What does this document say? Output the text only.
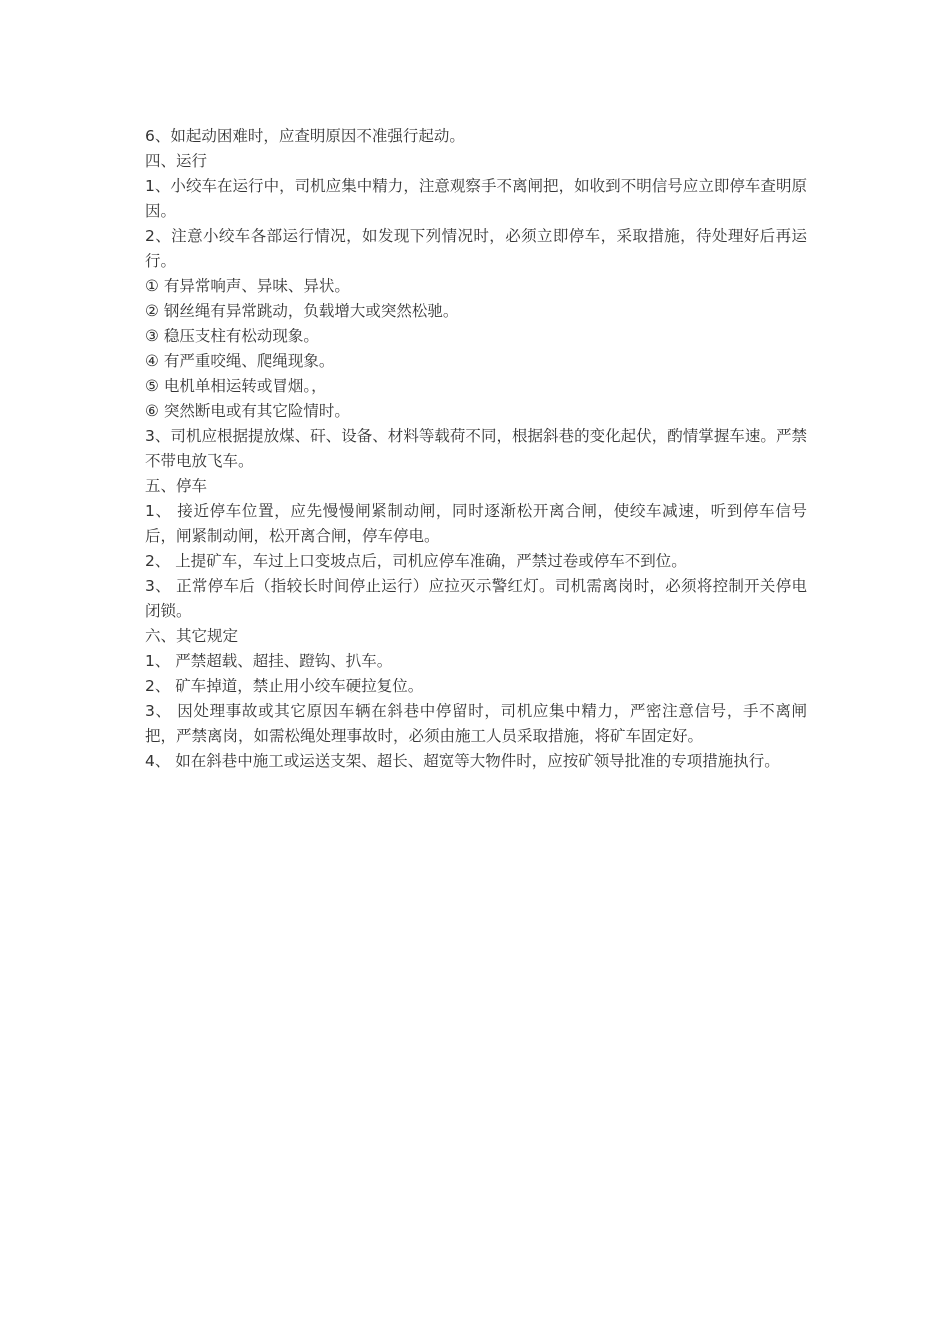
6、如起动困难时，应查明原因不准强行起动。

四、运行

1、小绞车在运行中，司机应集中精力，注意观察手不离闸把，如收到不明信号应立即停车查明原因。

2、注意小绞车各部运行情况，如发现下列情况时，必须立即停车，采取措施，待处理好后再运行。

① 有异常响声、异味、异状。

② 钢丝绳有异常跳动，负载增大或突然松驰。

③ 稳压支柱有松动现象。

④ 有严重咬绳、爬绳现象。

⑤ 电机单相运转或冒烟。，

⑥ 突然断电或有其它险情时。

3、司机应根据提放煤、矸、设备、材料等载荷不同，根据斜巷的变化起伏，酌情掌握车速。严禁不带电放飞车。

五、停车

1、 接近停车位置，应先慢慢闸紧制动闸，同时逐渐松开离合闸，使绞车减速，听到停车信号后，闸紧制动闸，松开离合闸，停车停电。

2、 上提矿车，车过上口变坡点后，司机应停车准确，严禁过卷或停车不到位。

3、 正常停车后（指较长时间停止运行）应拉灭示警红灯。司机需离岗时，必须将控制开关停电闭锁。

六、其它规定

1、 严禁超载、超挂、蹬钩、扒车。

2、 矿车掉道，禁止用小绞车硬拉复位。

3、 因处理事故或其它原因车辆在斜巷中停留时，司机应集中精力，严密注意信号，手不离闸把，严禁离岗，如需松绳处理事故时，必须由施工人员采取措施，将矿车固定好。

4、 如在斜巷中施工或运送支架、超长、超宽等大物件时，应按矿领导批准的专项措施执行。
